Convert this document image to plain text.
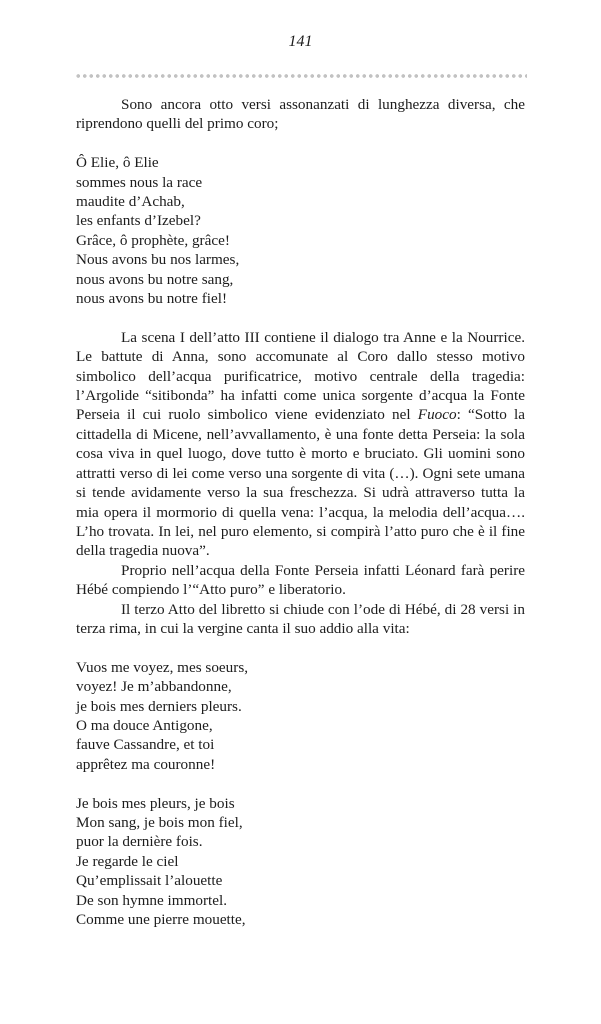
141

Sono ancora otto versi assonanzati di lunghezza diversa, che riprendono quelli del primo coro;

Ô Elie, ô Elie
sommes nous la race
maudite d’Achab,
les enfants d’Izebel?
Grâce, ô prophète, grâce!
Nous avons bu nos larmes,
nous avons bu notre sang,
nous avons bu notre fiel!

La scena I dell’atto III contiene il dialogo tra Anne e la Nourrice. Le battute di Anna, sono accomunate al Coro dallo stesso motivo simbolico dell’acqua purificatrice, motivo centrale della tragedia: l’Argolide “sitibonda” ha infatti come unica sorgente d’acqua la Fonte Perseia il cui ruolo simbolico viene evidenziato nel Fuoco: “Sotto la cittadella di Micene, nell’avvallamento, è una fonte detta Perseia: la sola cosa viva in quel luogo, dove tutto è morto e bruciato. Gli uomini sono attratti verso di lei come verso una sorgente di vita (…). Ogni sete umana si tende avidamente verso la sua freschezza. Si udrà attraverso tutta la mia opera il mormorio di quella vena: l’acqua, la melodia dell’acqua…. L’ho trovata. In lei, nel puro elemento, si compirà l’atto puro che è il fine della tragedia nuova”.

Proprio nell’acqua della Fonte Perseia infatti Léonard farà perire Hébé compiendo l’“Atto puro” e liberatorio.

Il terzo Atto del libretto si chiude con l’ode di Hébé, di 28 versi in terza rima, in cui la vergine canta il suo addio alla vita:

Vuos me voyez, mes soeurs,
voyez! Je m’abbandonne,
je bois mes derniers pleurs.
O ma douce Antigone,
fauve Cassandre, et toi
apprêtez ma couronne!
Je bois mes pleurs, je bois
Mon sang, je bois mon fiel,
puor la dernière fois.
Je regarde le ciel
Qu’emplissait l’alouette
De son hymne immortel.
Comme une pierre mouette,
